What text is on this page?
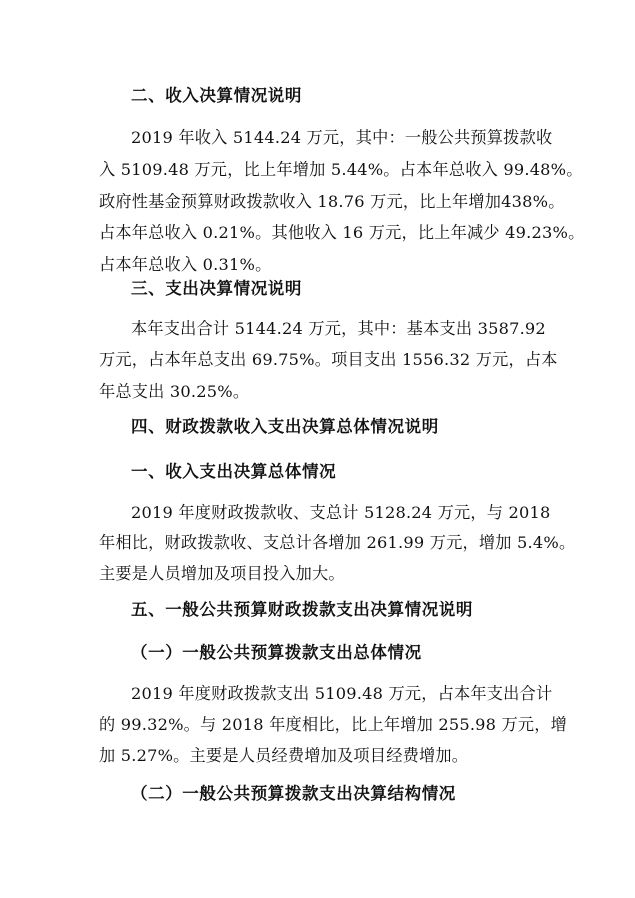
二、收入决算情况说明
2019 年收入 5144.24 万元，其中：一般公共预算拨款收
入 5109.48 万元，比上年增加 5.44%。占本年总收入 99.48%。
政府性基金预算财政拨款收入 18.76 万元，比上年增加438%。
占本年总收入 0.21%。其他收入 16 万元，比上年减少 49.23%。
占本年总收入 0.31%。
三、支出决算情况说明
本年支出合计 5144.24 万元，其中：基本支出 3587.92
万元，占本年总支出 69.75%。项目支出 1556.32 万元，占本
年总支出 30.25%。
四、财政拨款收入支出决算总体情况说明
一、收入支出决算总体情况
2019 年度财政拨款收、支总计 5128.24 万元，与 2018
年相比，财政拨款收、支总计各增加 261.99 万元，增加 5.4%。
主要是人员增加及项目投入加大。
五、一般公共预算财政拨款支出决算情况说明
（一）一般公共预算拨款支出总体情况
2019 年度财政拨款支出 5109.48 万元，占本年支出合计
的 99.32%。与 2018 年度相比，比上年增加 255.98 万元，增
加 5.27%。主要是人员经费增加及项目经费增加。
（二）一般公共预算拨款支出决算结构情况
